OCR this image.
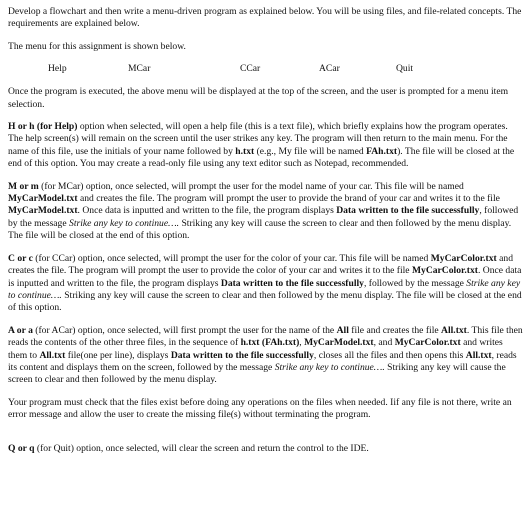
Develop a flowchart and then write a menu-driven program as explained below. You will be using files, and file-related concepts. The requirements are explained below.

The menu for this assignment is shown below.

Help	MCar	CCar	ACar	Quit

Once the program is executed, the above menu will be displayed at the top of the screen, and the user is prompted for a menu item selection.

H or h (for Help) option when selected, will open a help file (this is a text file), which briefly explains how the program operates. The help screen(s) will remain on the screen until the user strikes any key. The program will then return to the main menu. For the name of this file, use the initials of your name followed by h.txt (e.g., My file will be named FAh.txt). The file will be closed at the end of this option. You may create a read-only file using any text editor such as Notepad, recommended.

M or m (for MCar) option, once selected, will prompt the user for the model name of your car. This file will be named MyCarModel.txt and creates the file. The program will prompt the user to provide the brand of your car and writes it to the file MyCarModel.txt. Once data is inputted and written to the file, the program displays Data written to the file successfully, followed by the message Strike any key to continue…. Striking any key will cause the screen to clear and then followed by the menu display. The file will be closed at the end of this option.

C or c (for CCar) option, once selected, will prompt the user for the color of your car. This file will be named MyCarColor.txt and creates the file. The program will prompt the user to provide the color of your car and writes it to the file MyCarColor.txt. Once data is inputted and written to the file, the program displays Data written to the file successfully, followed by the message Strike any key to continue…. Striking any key will cause the screen to clear and then followed by the menu display. The file will be closed at the end of this option.

A or a (for ACar) option, once selected, will first prompt the user for the name of the All file and creates the file All.txt. This file then reads the contents of the other three files, in the sequence of h.txt (FAh.txt), MyCarModel.txt, and MyCarColor.txt and writes them to All.txt file(one per line), displays Data written to the file successfully, closes all the files and then opens this All.txt, reads its content and displays them on the screen, followed by the message Strike any key to continue…. Striking any key will cause the screen to clear and then followed by the menu display.

Your program must check that the files exist before doing any operations on the files when needed. Iif any file is not there, write an error message and allow the user to create the missing file(s) without terminating the program.

Q or q (for Quit) option, once selected, will clear the screen and return the control to the IDE.
